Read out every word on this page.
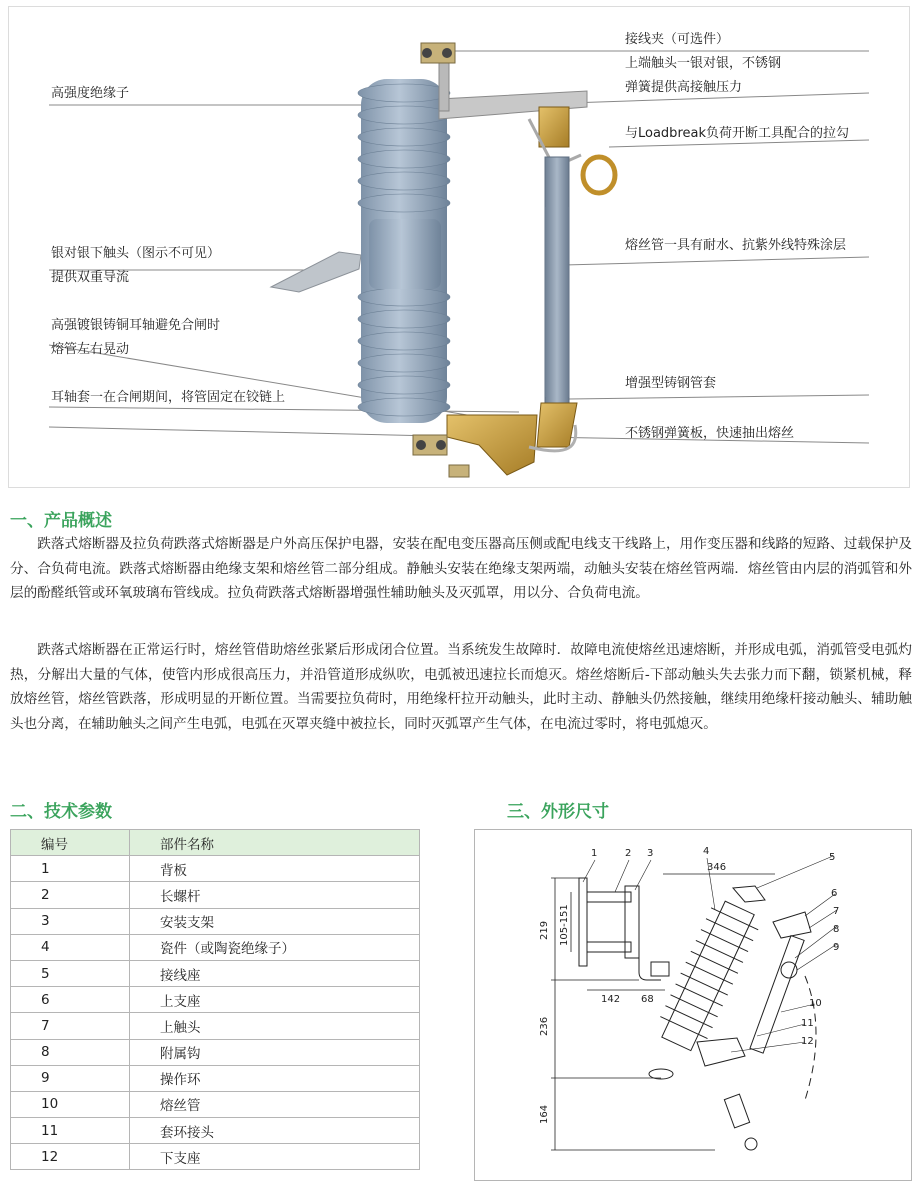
高强度绝缘子
银对银下触头（图示不可见）
提供双重导流
高强镀银铸铜耳轴避免合闸时
熔管左右晃动
耳轴套一在合闸期间，将管固定在铰链上
接线夹（可选件）
上端触头一银对银，不锈钢
弹簧提供高接触压力
与Loadbreak负荷开断工具配合的拉勾
熔丝管一具有耐水、抗紫外线特殊涂层
增强型铸钢管套
不锈钢弹簧板，快速抽出熔丝
一、产品概述
跌落式熔断器及拉负荷跌落式熔断器是户外高压保护电器，安装在配电变压器高压侧或配电线支干线路上，用作变压器和线路的短路、过载保护及分、合负荷电流。跌落式熔断器由绝缘支架和熔丝管二部分组成。静触头安装在绝缘支架两端，动触头安装在熔丝管两端．熔丝管由内层的消弧管和外层的酚醛纸管或环氧玻璃布管线成。拉负荷跌落式熔断器增强性辅助触头及灭弧罩，用以分、合负荷电流。
跌落式熔断器在正常运行时，熔丝管借助熔丝张紧后形成闭合位置。当系统发生故障时．故障电流使熔丝迅速熔断，并形成电弧，消弧管受电弧灼热，分解出大量的气体，使管内形成很高压力，并沿管道形成纵吹，电弧被迅速拉长而熄灭。熔丝熔断后-下部动触头失去张力而下翻，锁紧机械，释放熔丝管，熔丝管跌落，形成明显的开断位置。当需要拉负荷时，用绝缘杆拉开动触头，此时主动、静触头仍然接触，继续用绝缘杆接动触头、辅助触头也分离，在辅助触头之间产生电弧，电弧在灭罩夹缝中被拉长，同时灭弧罩产生气体，在电流过零时，将电弧熄灭。
二、技术参数
编号	部件名称
1	背板
2	长螺杆
3	安装支架
4	瓷件（或陶瓷绝缘子）
5	接线座
6	上支座
7	上触头
8	附属钩
9	操作环
10	熔丝管
11	套环接头
12	下支座
三、外形尺寸
1	2 3	4
5
6
7
8
9
10
11
12
346
219 105-151
142 68
236
164
